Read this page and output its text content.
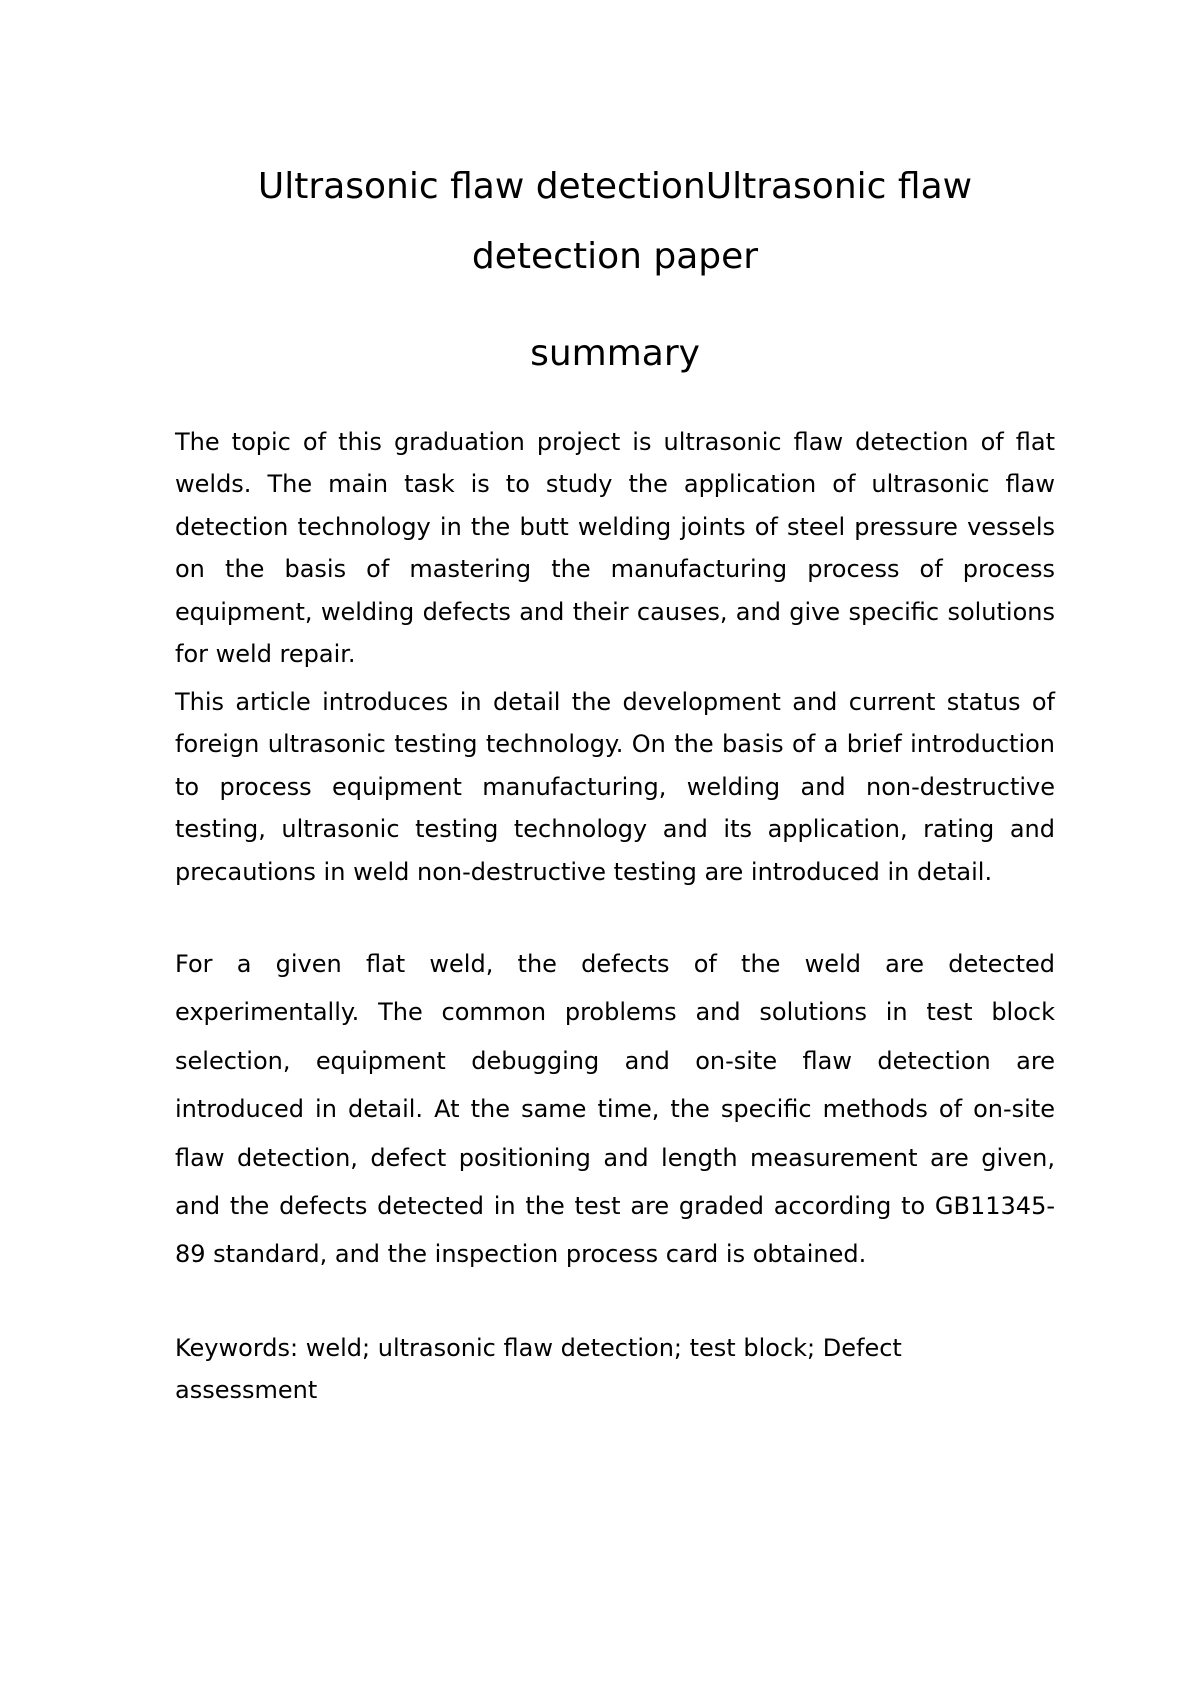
Ultrasonic flaw detectionUltrasonic flaw detection paper
summary

The topic of this graduation project is ultrasonic flaw detection of flat welds. The main task is to study the application of ultrasonic flaw detection technology in the butt welding joints of steel pressure vessels on the basis of mastering the manufacturing process of process equipment, welding defects and their causes, and give specific solutions for weld repair.

This article introduces in detail the development and current status of foreign ultrasonic testing technology. On the basis of a brief introduction to process equipment manufacturing, welding and non-destructive testing, ultrasonic testing technology and its application, rating and precautions in weld non-destructive testing are introduced in detail.

For a given flat weld, the defects of the weld are detected experimentally. The common problems and solutions in test block selection, equipment debugging and on-site flaw detection are introduced in detail. At the same time, the specific methods of on-site flaw detection, defect positioning and length measurement are given, and the defects detected in the test are graded according to GB11345-89 standard, and the inspection process card is obtained.

Keywords: weld; ultrasonic flaw detection; test block; Defect assessment
